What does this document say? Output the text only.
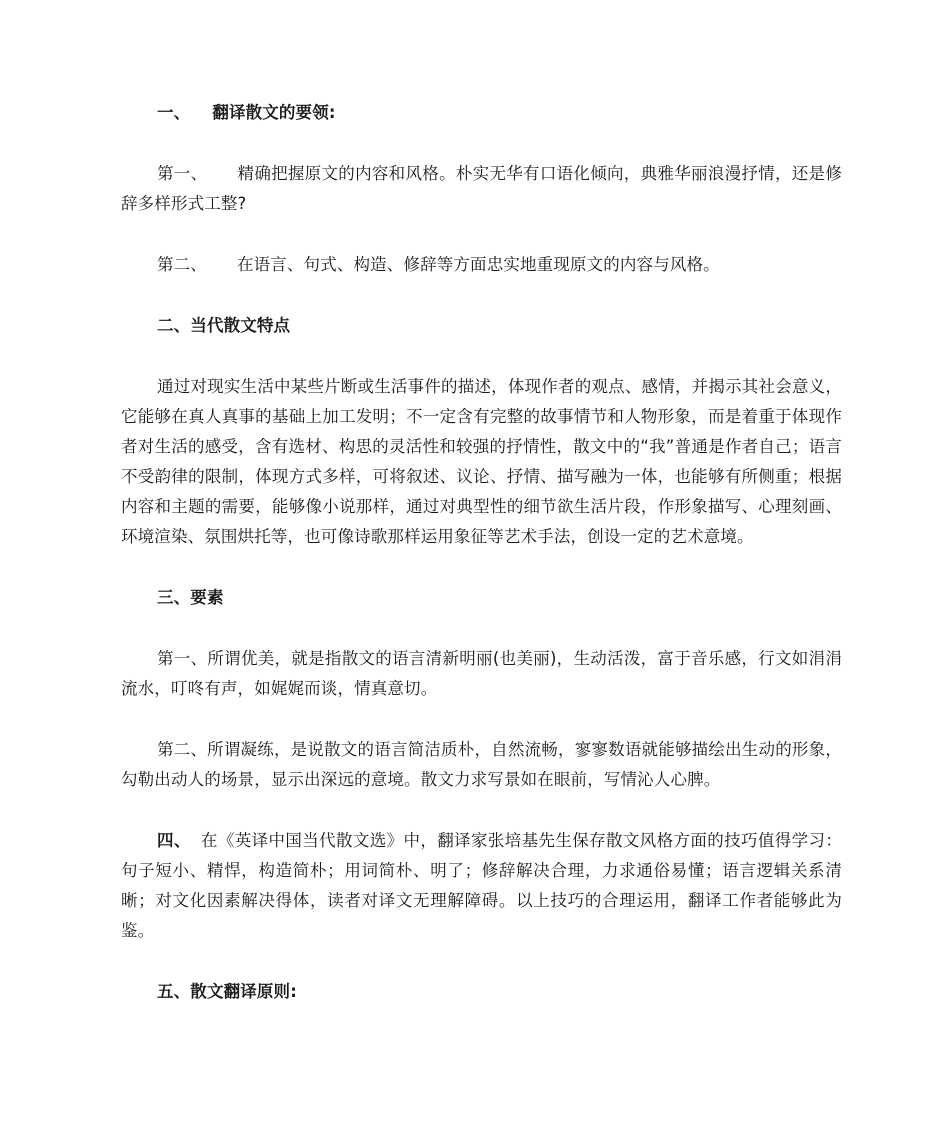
一、 翻译散文的要领:

第一、 精确把握原文的内容和风格。朴实无华有口语化倾向，典雅华丽浪漫抒情，还是修辞多样形式工整?

第二、 在语言、句式、构造、修辞等方面忠实地重现原文的内容与风格。

二、当代散文特点

通过对现实生活中某些片断或生活事件的描述，体现作者的观点、感情，并揭示其社会意义，它能够在真人真事的基础上加工发明；不一定含有完整的故事情节和人物形象，而是着重于体现作者对生活的感受，含有选材、构思的灵活性和较强的抒情性，散文中的“我”普通是作者自己；语言不受韵律的限制，体现方式多样，可将叙述、议论、抒情、描写融为一体，也能够有所侧重；根据内容和主题的需要，能够像小说那样，通过对典型性的细节欲生活片段，作形象描写、心理刻画、环境渲染、氛围烘托等，也可像诗歌那样运用象征等艺术手法，创设一定的艺术意境。

三、要素

第一、所谓优美，就是指散文的语言清新明丽(也美丽)，生动活泼，富于音乐感，行文如涓涓流水，叮咚有声，如娓娓而谈，情真意切。

第二、所谓凝练，是说散文的语言简洁质朴，自然流畅，寥寥数语就能够描绘出生动的形象，勾勒出动人的场景，显示出深远的意境。散文力求写景如在眼前，写情沁人心脾。

四、 在《英译中国当代散文选》中，翻译家张培基先生保存散文风格方面的技巧值得学习：句子短小、精悍，构造简朴；用词简朴、明了；修辞解决合理，力求通俗易懂；语言逻辑关系清晰；对文化因素解决得体，读者对译文无理解障碍。以上技巧的合理运用，翻译工作者能够此为鉴。

五、散文翻译原则:
